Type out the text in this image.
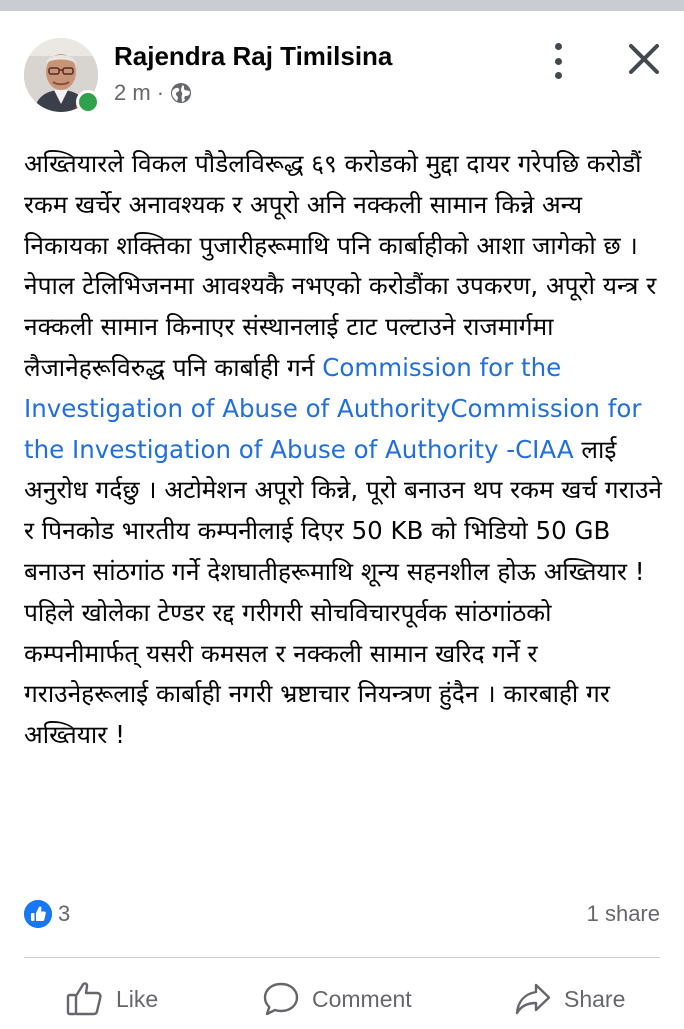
Rajendra Raj Timilsina
2 m ·

अख्तियारले विकल पौडेलविरूद्ध ६९ करोडको मुद्दा दायर गरेपछि करोडौं रकम खर्चेर अनावश्यक र अपूरो अनि नक्कली सामान किन्ने अन्य निकायका शक्तिका पुजारीहरूमाथि पनि कार्बाहीको आशा जागेको छ । नेपाल टेलिभिजनमा आवश्यकै नभएको करोडौंका उपकरण, अपूरो यन्त्र र नक्कली सामान किनाएर संस्थानलाई टाट पल्टाउने राजमार्गमा लैजानेहरूविरुद्ध पनि कार्बाही गर्न Commission for the Investigation of Abuse of AuthorityCommission for the Investigation of Abuse of Authority -CIAA लाई अनुरोध गर्दछु । अटोमेशन अपूरो किन्ने, पूरो बनाउन थप रकम खर्च गराउने र पिनकोड भारतीय कम्पनीलाई दिएर 50 KB को भिडियो 50 GB बनाउन सांठगांठ गर्ने देशघातीहरूमाथि शून्य सहनशील होऊ अख्तियार ! पहिले खोलेका टेण्डर रद्द गरीगरी सोचविचारपूर्वक सांठगांठको कम्पनीमार्फत् यसरी कमसल र नक्कली सामान खरिद गर्ने र गराउनेहरूलाई कार्बाही नगरी भ्रष्टाचार नियन्त्रण हुंदैन । कारबाही गर अख्तियार !

3	1 share
Like	Comment	Share
